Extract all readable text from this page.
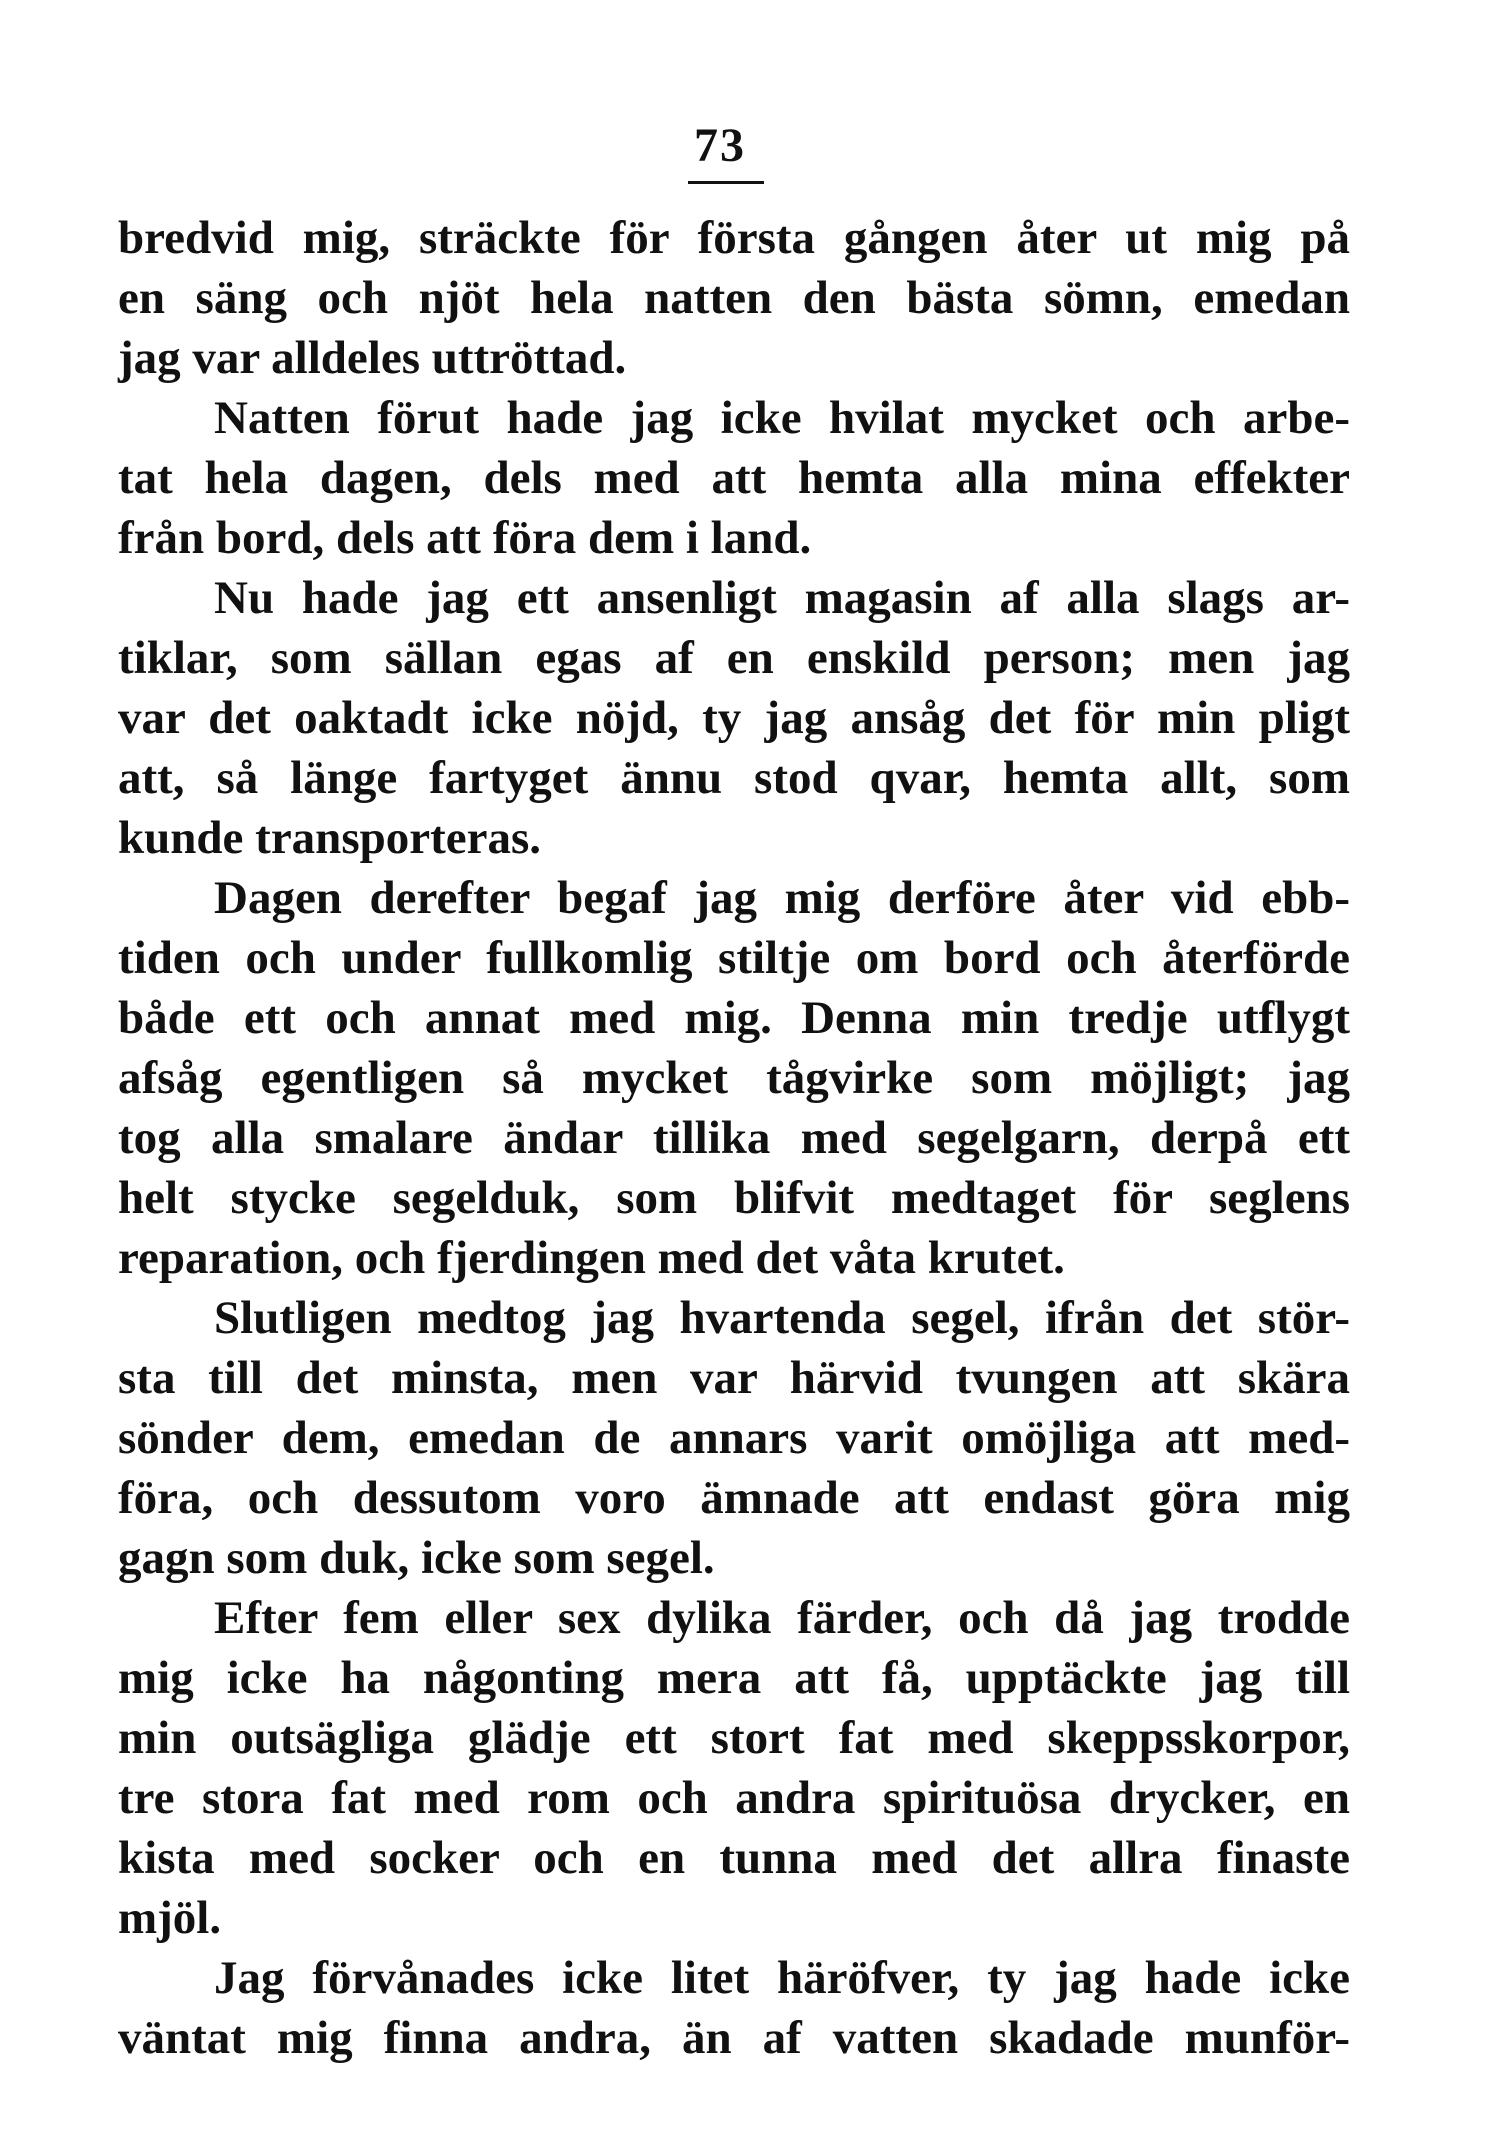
73
bredvid mig, sträckte för första gången åter ut mig på
en säng och njöt hela natten den bästa sömn, emedan
jag var alldeles uttröttad.
Natten förut hade jag icke hvilat mycket och arbe-
tat hela dagen, dels med att hemta alla mina effekter
från bord, dels att föra dem i land.
Nu hade jag ett ansenligt magasin af alla slags ar-
tiklar, som sällan egas af en enskild person; men jag
var det oaktadt icke nöjd, ty jag ansåg det för min pligt
att, så länge fartyget ännu stod qvar, hemta allt, som
kunde transporteras.
Dagen derefter begaf jag mig derföre åter vid ebb-
tiden och under fullkomlig stiltje om bord och återförde
både ett och annat med mig. Denna min tredje utflygt
afsåg egentligen så mycket tågvirke som möjligt; jag
tog alla smalare ändar tillika med segelgarn, derpå ett
helt stycke segelduk, som blifvit medtaget för seglens
reparation, och fjerdingen med det våta krutet.
Slutligen medtog jag hvartenda segel, ifrån det stör-
sta till det minsta, men var härvid tvungen att skära
sönder dem, emedan de annars varit omöjliga att med-
föra, och dessutom voro ämnade att endast göra mig
gagn som duk, icke som segel.
Efter fem eller sex dylika färder, och då jag trodde
mig icke ha någonting mera att få, upptäckte jag till
min outsägliga glädje ett stort fat med skeppsskorpor,
tre stora fat med rom och andra spirituösa drycker, en
kista med socker och en tunna med det allra finaste
mjöl.
Jag förvånades icke litet häröfver, ty jag hade icke
väntat mig finna andra, än af vatten skadade munför-
